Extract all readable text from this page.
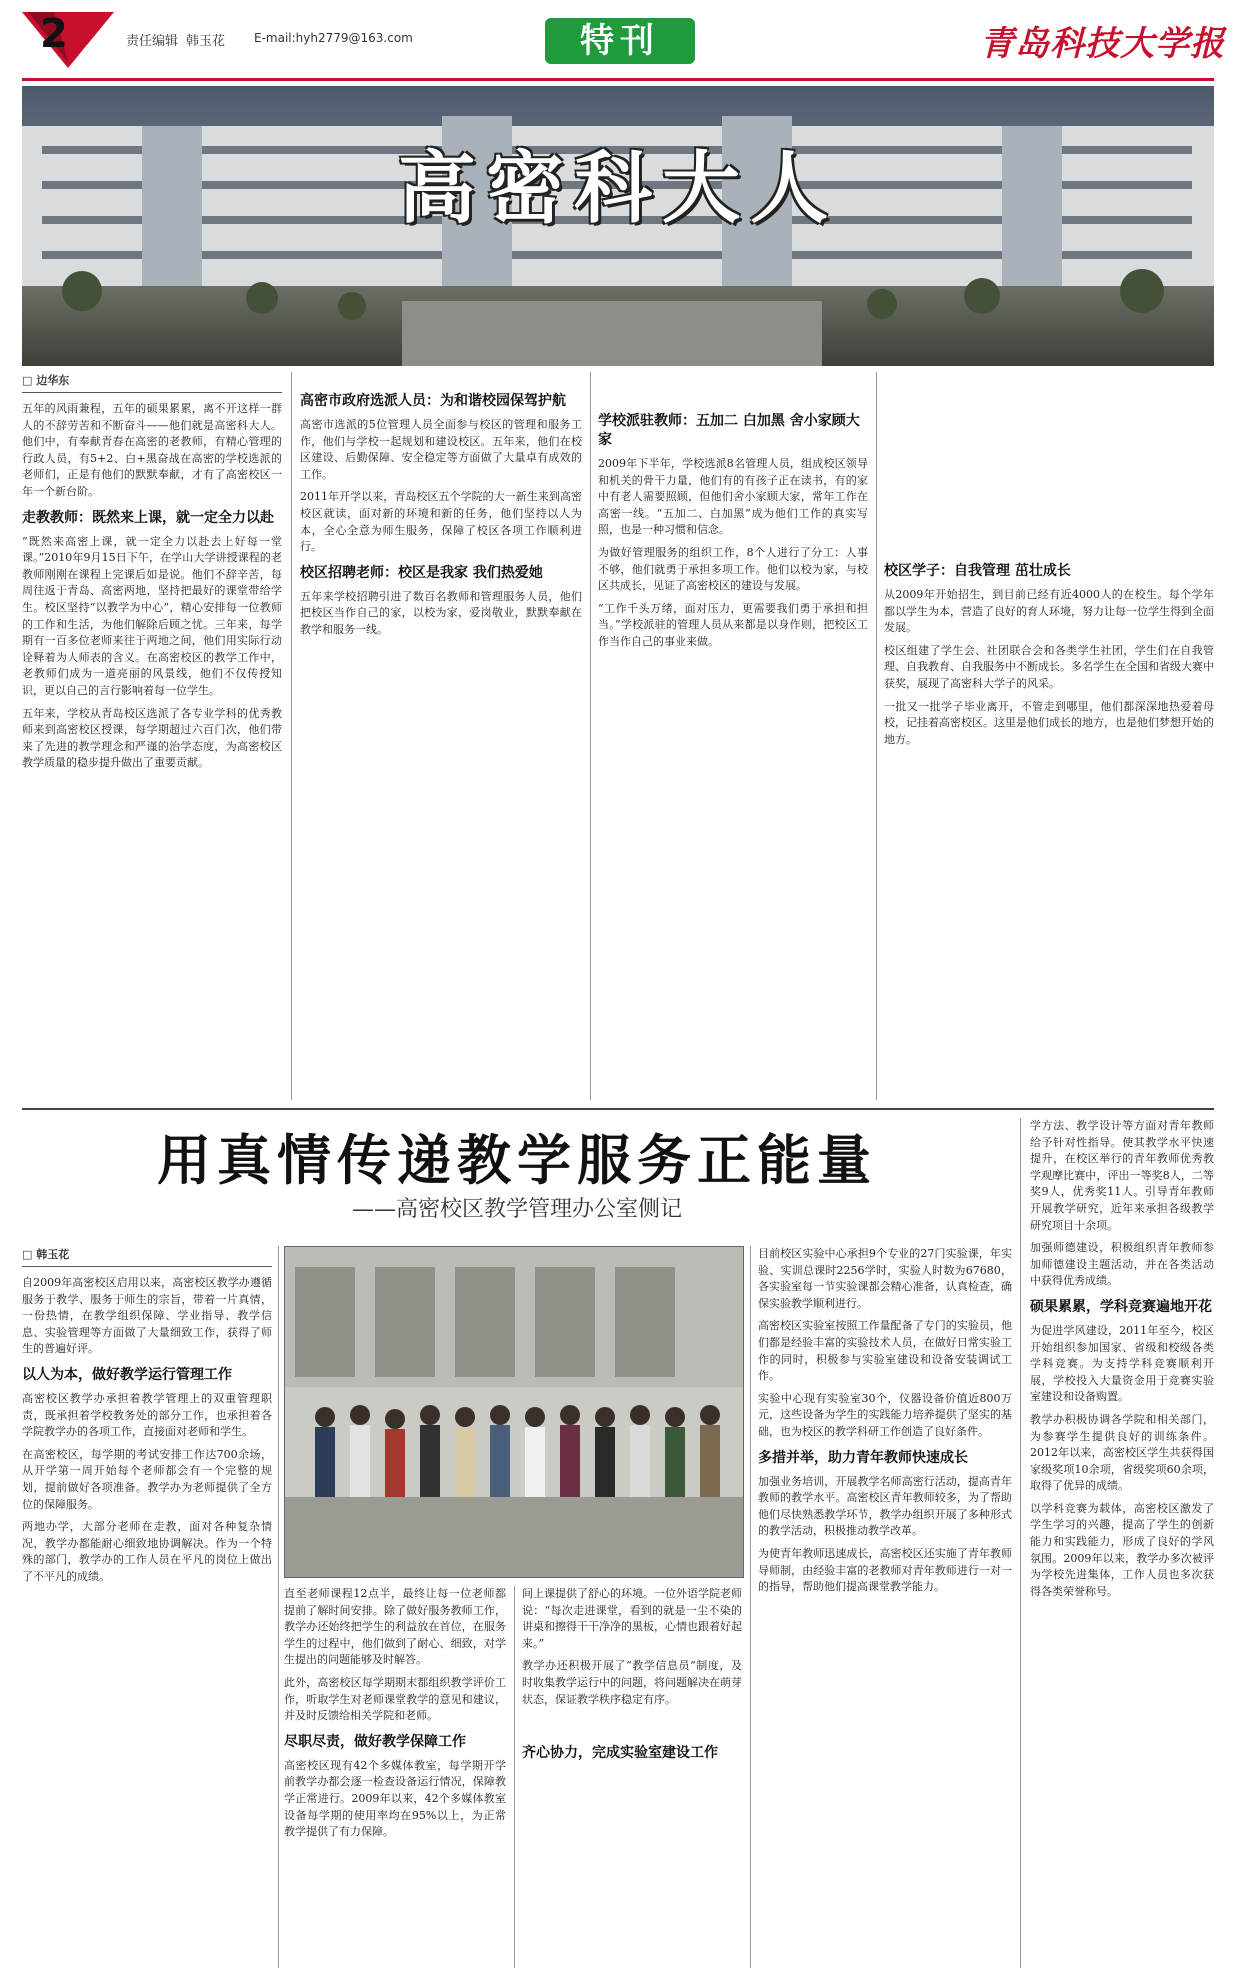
2	责任编辑 韩玉花 E-mail:hyh2779@163.com	特刊	青岛科技大学报
高密科大人
□ 边华东

五年的风雨兼程，五年的硕果累累，离不开这样一群人的不辞劳苦和不断奋斗——他们就是高密科大人。他们中，有奉献青春在高密的老教师，有精心管理的行政人员，有5+2、白+黑奋战在高密的学校选派的老师们，正是有他们的默默奉献，才有了高密校区一年一个新台阶。

走教教师：既然来上课，就一定全力以赴

“既然来高密上课，就一定全力以赴去上好每一堂课。”2010年9月15日下午，在学山大学讲授课程的老教师刚刚在课程上完课后如是说。他们不辞辛苦，每周往返于青岛、高密两地，坚持把最好的课堂带给学生。校区坚持“以教学为中心”，精心安排每一位教师的工作和生活，为他们解除后顾之忧。三年来，每学期有一百多位老师来往于两地之间，他们用实际行动诠释着为人师表的含义。在高密校区的教学工作中，老教师们成为一道亮丽的风景线，他们不仅传授知识，更以自己的言行影响着每一位学生。

五年来，学校从青岛校区选派了各专业学科的优秀教师来到高密校区授课，每学期超过六百门次，他们带来了先进的教学理念和严谨的治学态度，为高密校区教学质量的稳步提升做出了重要贡献。

高密市政府选派人员：为和谐校园保驾护航

高密市选派的5位管理人员全面参与校区的管理和服务工作，他们与学校一起规划和建设校区。五年来，他们在校区建设、后勤保障、安全稳定等方面做了大量卓有成效的工作。

2011年开学以来，青岛校区五个学院的大一新生来到高密校区就读，面对新的环境和新的任务，他们坚持以人为本，全心全意为师生服务，保障了校区各项工作顺利进行。

校区招聘老师：校区是我家 我们热爱她

五年来学校招聘引进了数百名教师和管理服务人员，他们把校区当作自己的家，以校为家，爱岗敬业，默默奉献在教学和服务一线。

学校派驻教师：五加二 白加黑 舍小家顾大家

2009年下半年，学校选派8名管理人员，组成校区领导和机关的骨干力量，他们有的有孩子正在读书，有的家中有老人需要照顾，但他们舍小家顾大家，常年工作在高密一线。“五加二、白加黑”成为他们工作的真实写照，也是一种习惯和信念。

为做好管理服务的组织工作，8个人进行了分工：人事不够，他们就勇于承担多项工作。他们以校为家，与校区共成长，见证了高密校区的建设与发展。

“工作千头万绪，面对压力，更需要我们勇于承担和担当。”学校派驻的管理人员从来都是以身作则，把校区工作当作自己的事业来做。

校区学子：自我管理 茁壮成长

从2009年开始招生，到目前已经有近4000人的在校生。每个学年都以学生为本，营造了良好的育人环境，努力让每一位学生得到全面发展。

校区组建了学生会、社团联合会和各类学生社团，学生们在自我管理、自我教育、自我服务中不断成长。多名学生在全国和省级大赛中获奖，展现了高密科大学子的风采。

一批又一批学子毕业离开，不管走到哪里，他们都深深地热爱着母校，记挂着高密校区。这里是他们成长的地方，也是他们梦想开始的地方。

用真情传递教学服务正能量
——高密校区教学管理办公室侧记

学方法、教学设计等方面对青年教师给予针对性指导。使其教学水平快速提升，在校区举行的青年教师优秀教学观摩比赛中，评出一等奖8人，二等奖9人，优秀奖11人。引导青年教师开展教学研究，近年来承担各级教学研究项目十余项。

加强师德建设，积极组织青年教师参加师德建设主题活动，并在各类活动中获得优秀成绩。

硕果累累，学科竞赛遍地开花

为促进学风建设，2011年至今，校区开始组织参加国家、省级和校级各类学科竞赛。为支持学科竞赛顺利开展，学校投入大量资金用于竞赛实验室建设和设备购置。

教学办积极协调各学院和相关部门，为参赛学生提供良好的训练条件。2012年以来，高密校区学生共获得国家级奖项10余项，省级奖项60余项，取得了优异的成绩。

以学科竞赛为载体，高密校区激发了学生学习的兴趣，提高了学生的创新能力和实践能力，形成了良好的学风氛围。2009年以来，教学办多次被评为学校先进集体，工作人员也多次获得各类荣誉称号。

□ 韩玉花

自2009年高密校区启用以来，高密校区教学办遵循服务于教学、服务于师生的宗旨，带着一片真情，一份热情，在教学组织保障、学业指导、教学信息、实验管理等方面做了大量细致工作，获得了师生的普遍好评。

以人为本，做好教学运行管理工作

高密校区教学办承担着教学管理上的双重管理职责，既承担着学校教务处的部分工作，也承担着各学院教学办的各项工作，直接面对老师和学生。

在高密校区，每学期的考试安排工作达700余场，从开学第一周开始每个老师都会有一个完整的规划，提前做好各项准备。教学办为老师提供了全方位的保障服务。

两地办学，大部分老师在走教，面对各种复杂情况，教学办都能耐心细致地协调解决。作为一个特殊的部门，教学办的工作人员在平凡的岗位上做出了不平凡的成绩。

直至老师课程12点半，最终让每一位老师都提前了解时间安排。除了做好服务教师工作，教学办还始终把学生的利益放在首位，在服务学生的过程中，他们做到了耐心、细致，对学生提出的问题能够及时解答。

此外，高密校区每学期期末都组织教学评价工作，听取学生对老师课堂教学的意见和建议，并及时反馈给相关学院和老师。

尽职尽责，做好教学保障工作

高密校区现有42个多媒体教室，每学期开学前教学办都会逐一检查设备运行情况，保障教学正常进行。2009年以来，42个多媒体教室设备每学期的使用率均在95%以上，为正常教学提供了有力保障。

间上课提供了舒心的环境。一位外语学院老师说：“每次走进课堂，看到的就是一尘不染的讲桌和擦得干干净净的黑板，心情也跟着好起来。”

教学办还积极开展了“教学信息员”制度，及时收集教学运行中的问题，将问题解决在萌芽状态，保证教学秩序稳定有序。

齐心协力，完成实验室建设工作

目前校区实验中心承担9个专业的27门实验课，年实验、实训总课时2256学时，实验人时数为67680，各实验室每一节实验课都会精心准备，认真检查，确保实验教学顺利进行。

高密校区实验室按照工作量配备了专门的实验员，他们都是经验丰富的实验技术人员，在做好日常实验工作的同时，积极参与实验室建设和设备安装调试工作。

实验中心现有实验室30个，仪器设备价值近800万元，这些设备为学生的实践能力培养提供了坚实的基础，也为校区的教学科研工作创造了良好条件。

多措并举，助力青年教师快速成长

加强业务培训，开展教学名师高密行活动，提高青年教师的教学水平。高密校区青年教师较多，为了帮助他们尽快熟悉教学环节，教学办组织开展了多种形式的教学活动，积极推动教学改革。

为使青年教师迅速成长，高密校区还实施了青年教师导师制，由经验丰富的老教师对青年教师进行一对一的指导，帮助他们提高课堂教学能力。
